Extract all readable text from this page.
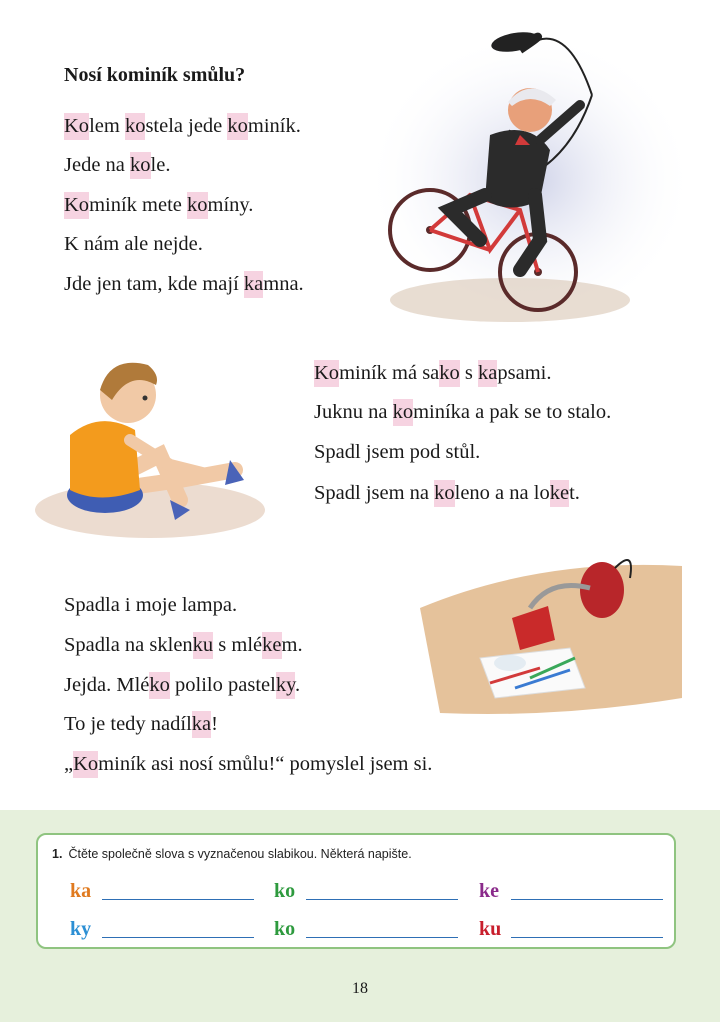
Nosí kominík smůlu?
Kolem kostela jede kominík.
Jede na kole.
Kominík mete komíny.
K nám ale nejde.
Jde jen tam, kde mají kamna.
Kominík má sako s kapsami.
Juknu na kominíka a pak se to stalo.
Spadl jsem pod stůl.
Spadl jsem na koleno a na loket.
Spadla i moje lampa.
Spadla na sklenku s mlékem.
Jejda. Mléko polilo pastelky.
To je tedy nadílka!
„Kominík asi nosí smůlu!“ pomyslel jsem si.
1. Čtěte společně slova s vyznačenou slabikou. Některá napište.
ka	ko	ke
ky	ko	ku
18
